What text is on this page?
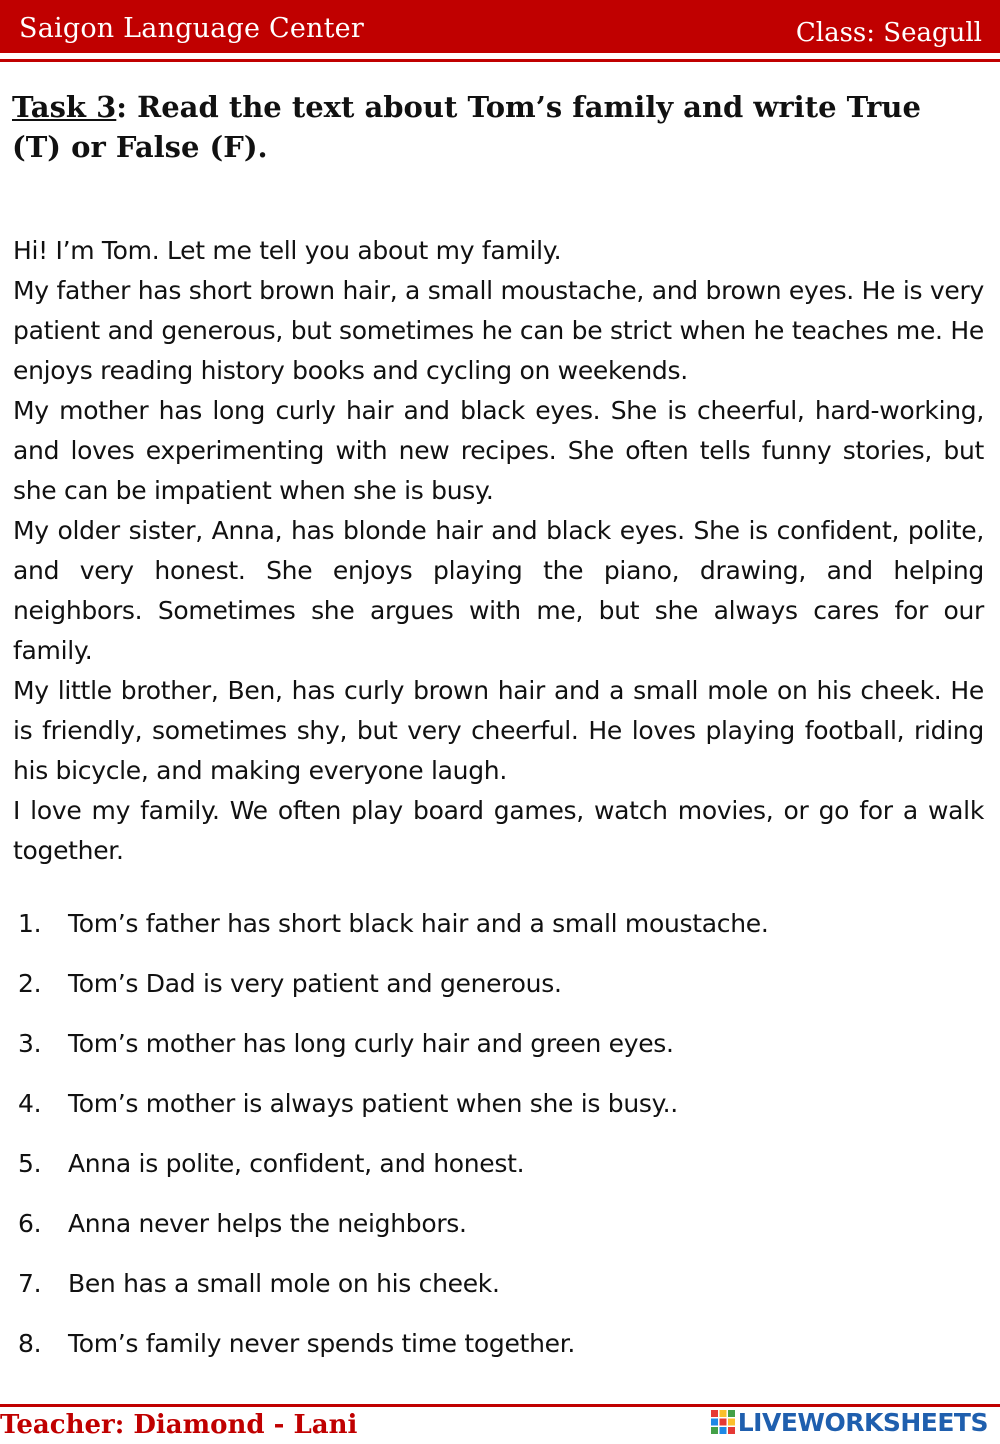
Saigon Language Center	Class: Seagull
Task 3: Read the text about Tom’s family and write True (T) or False (F).

Hi! I’m Tom. Let me tell you about my family.

My father has short brown hair, a small moustache, and brown eyes. He is very patient and generous, but sometimes he can be strict when he teaches me. He enjoys reading history books and cycling on weekends.

My mother has long curly hair and black eyes. She is cheerful, hard-working, and loves experimenting with new recipes. She often tells funny stories, but she can be impatient when she is busy.

My older sister, Anna, has blonde hair and black eyes. She is confident, polite, and very honest. She enjoys playing the piano, drawing, and helping neighbors. Sometimes she argues with me, but she always cares for our family.

My little brother, Ben, has curly brown hair and a small mole on his cheek. He is friendly, sometimes shy, but very cheerful. He loves playing football, riding his bicycle, and making everyone laugh.

I love my family. We often play board games, watch movies, or go for a walk together.

1. Tom’s father has short black hair and a small moustache.
2. Tom’s Dad is very patient and generous.
3. Tom’s mother has long curly hair and green eyes.
4. Tom’s mother is always patient when she is busy..
5. Anna is polite, confident, and honest.
6. Anna never helps the neighbors.
7. Ben has a small mole on his cheek.
8. Tom’s family never spends time together.
Teacher: Diamond - Lani	LIVEWORKSHEETS
